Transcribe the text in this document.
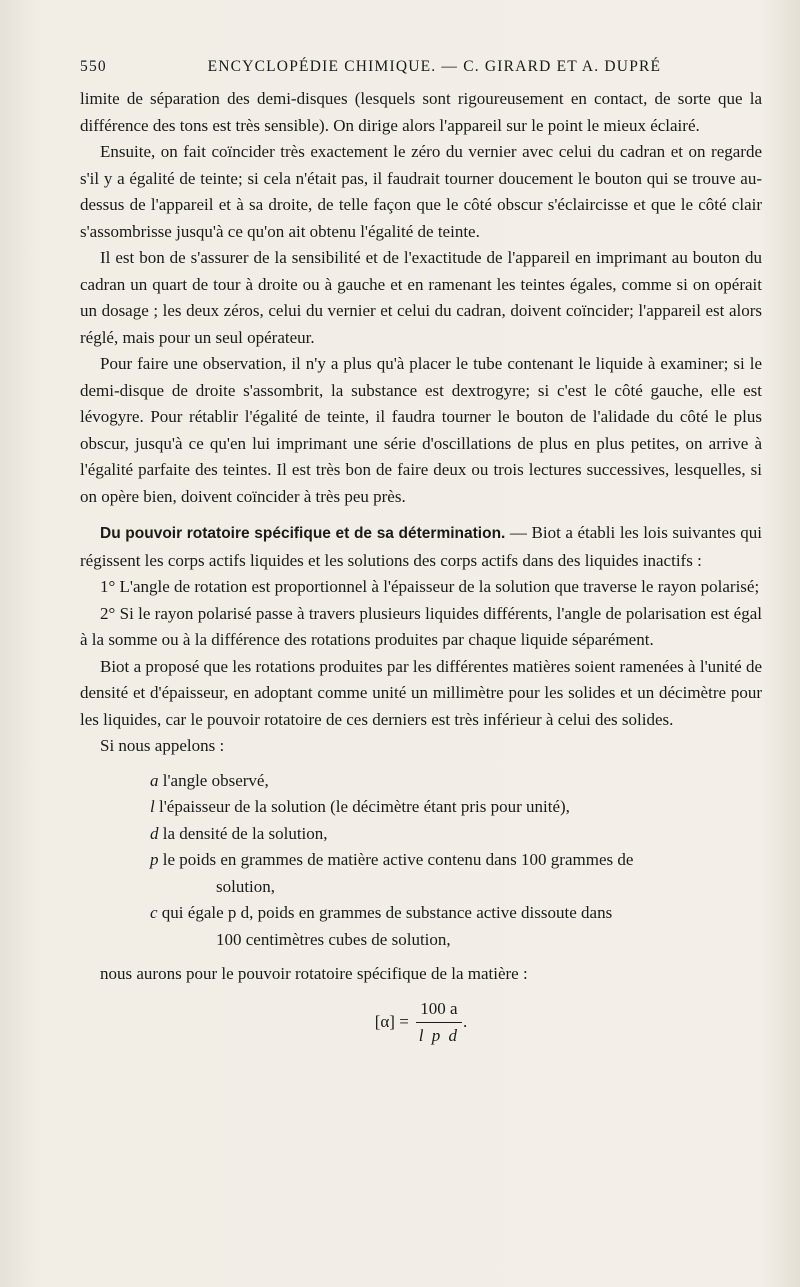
550	ENCYCLOPÉDIE CHIMIQUE. — C. GIRARD ET A. DUPRÉ

limite de séparation des demi-disques (lesquels sont rigoureusement en contact, de sorte que la différence des tons est très sensible). On dirige alors l'appareil sur le point le mieux éclairé.

Ensuite, on fait coïncider très exactement le zéro du vernier avec celui du cadran et on regarde s'il y a égalité de teinte; si cela n'était pas, il faudrait tourner doucement le bouton qui se trouve au-dessus de l'appareil et à sa droite, de telle façon que le côté obscur s'éclaircisse et que le côté clair s'assombrisse jusqu'à ce qu'on ait obtenu l'égalité de teinte.

Il est bon de s'assurer de la sensibilité et de l'exactitude de l'appareil en imprimant au bouton du cadran un quart de tour à droite ou à gauche et en ramenant les teintes égales, comme si on opérait un dosage ; les deux zéros, celui du vernier et celui du cadran, doivent coïncider; l'appareil est alors réglé, mais pour un seul opérateur.

Pour faire une observation, il n'y a plus qu'à placer le tube contenant le liquide à examiner; si le demi-disque de droite s'assombrit, la substance est dextrogyre; si c'est le côté gauche, elle est lévogyre. Pour rétablir l'égalité de teinte, il faudra tourner le bouton de l'alidade du côté le plus obscur, jusqu'à ce qu'en lui imprimant une série d'oscillations de plus en plus petites, on arrive à l'égalité parfaite des teintes. Il est très bon de faire deux ou trois lectures successives, lesquelles, si on opère bien, doivent coïncider à très peu près.

Du pouvoir rotatoire spécifique et de sa détermination. — Biot a établi les lois suivantes qui régissent les corps actifs liquides et les solutions des corps actifs dans des liquides inactifs :

1° L'angle de rotation est proportionnel à l'épaisseur de la solution que traverse le rayon polarisé;

2° Si le rayon polarisé passe à travers plusieurs liquides différents, l'angle de polarisation est égal à la somme ou à la différence des rotations produites par chaque liquide séparément.

Biot a proposé que les rotations produites par les différentes matières soient ramenées à l'unité de densité et d'épaisseur, en adoptant comme unité un millimètre pour les solides et un décimètre pour les liquides, car le pouvoir rotatoire de ces derniers est très inférieur à celui des solides.

Si nous appelons :

a l'angle observé,

l l'épaisseur de la solution (le décimètre étant pris pour unité),

d la densité de la solution,

p le poids en grammes de matière active contenu dans 100 grammes de
solution,

c qui égale p d, poids en grammes de substance active dissoute dans
100 centimètres cubes de solution,

nous aurons pour le pouvoir rotatoire spécifique de la matière :

$[\alpha] = \frac{100 a}{\text{l p d}}$ .
